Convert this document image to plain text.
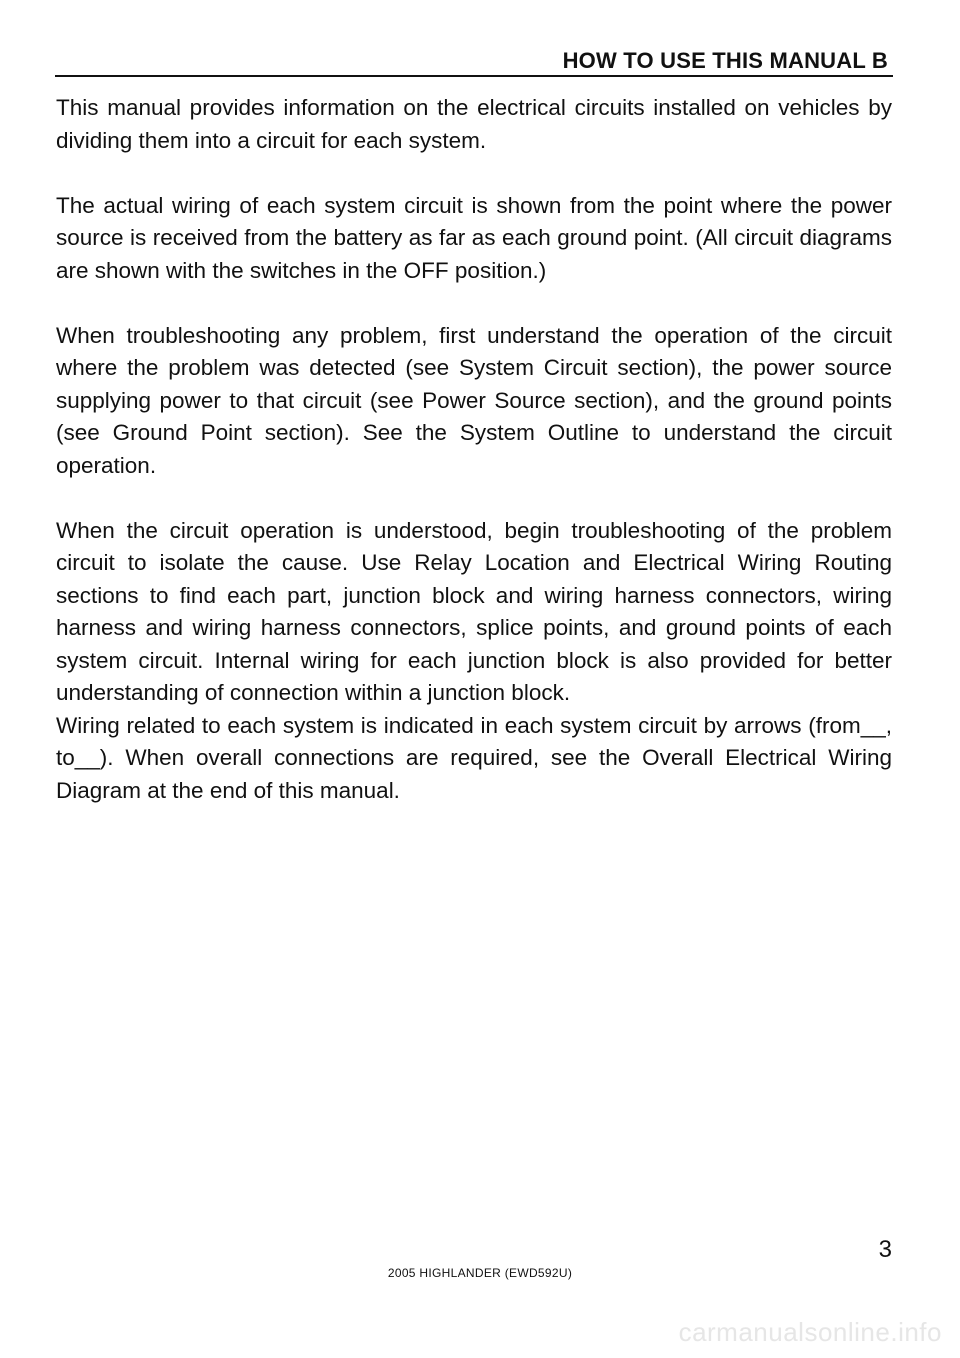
HOW TO USE THIS MANUAL B

This manual provides information on the electrical circuits installed on vehicles by dividing them into a circuit for each system.

The actual wiring of each system circuit is shown from the point where the power source is received from the battery as far as each ground point. (All circuit diagrams are shown with the switches in the OFF position.)

When troubleshooting any problem, first understand the operation of the circuit where the problem was detected (see System Circuit section), the power source supplying power to that circuit (see Power Source section), and the ground points (see Ground Point section). See the System Outline to understand the circuit operation.

When the circuit operation is understood, begin troubleshooting of the problem circuit to isolate the cause. Use Relay Location and Electrical Wiring Routing sections to find each part, junction block and wiring harness connectors, wiring harness and wiring harness connectors, splice points, and ground points of each system circuit. Internal wiring for each junction block is also provided for better understanding of connection within a junction block.

Wiring related to each system is indicated in each system circuit by arrows (from__, to__). When overall connections are required, see the Overall Electrical Wiring Diagram at the end of this manual.

3
2005 HIGHLANDER (EWD592U)
carmanualsonline.info
